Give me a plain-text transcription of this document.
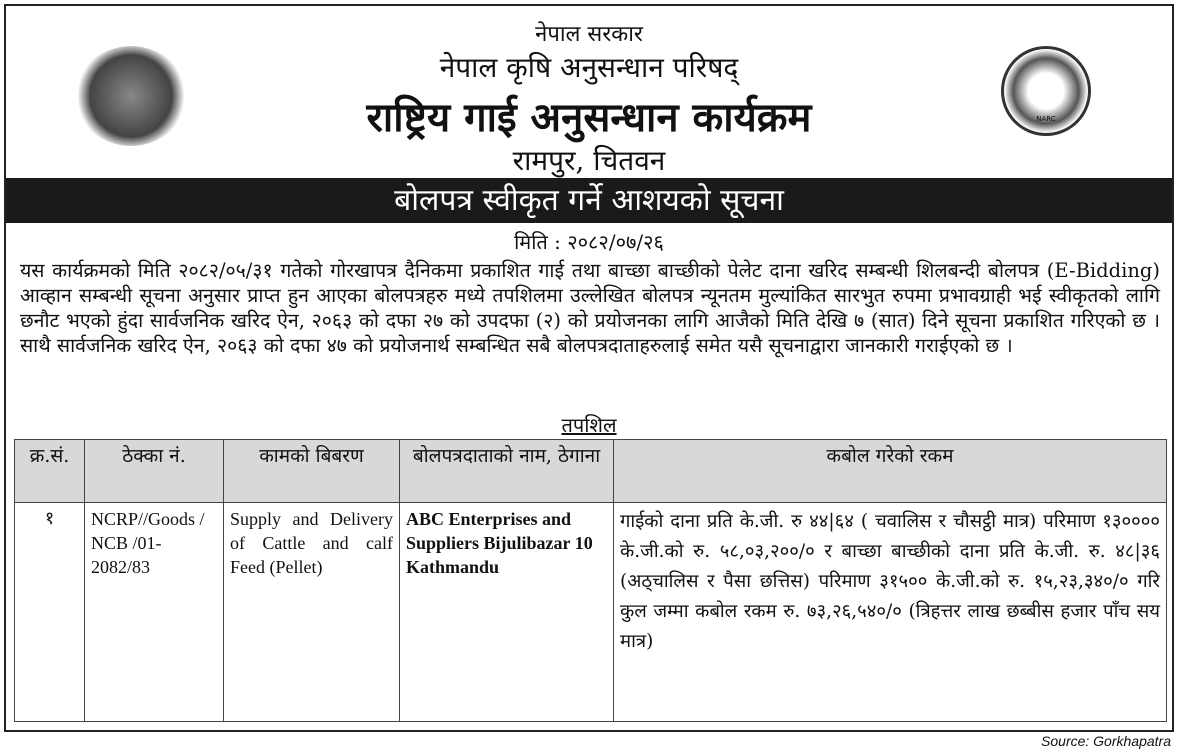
नेपाल सरकार
नेपाल कृषि अनुसन्धान परिषद्
राष्ट्रिय गाई अनुसन्धान कार्यक्रम
रामपुर, चितवन
NARC
बोलपत्र स्वीकृत गर्ने आशयको सूचना
मिति : २०८२/०७/२६
यस कार्यक्रमको मिति २०८२/०५/३१ गतेको गोरखापत्र दैनिकमा प्रकाशित गाई तथा बाच्छा बाच्छीको पेलेट दाना खरिद सम्बन्धी शिलबन्दी बोलपत्र (E-Bidding) आव्हान सम्बन्धी सूचना अनुसार प्राप्त हुन आएका बोलपत्रहरु मध्ये तपशिलमा उल्लेखित बोलपत्र न्यूनतम मुल्यांकित सारभुत रुपमा प्रभावग्राही भई स्वीकृतको लागि छनौट भएको हुंदा सार्वजनिक खरिद ऐन, २०६३ को दफा २७ को उपदफा (२) को प्रयोजनका लागि आजैको मिति देखि ७ (सात) दिने सूचना प्रकाशित गरिएको छ । साथै सार्वजनिक खरिद ऐन, २०६३ को दफा ४७ को प्रयोजनार्थ सम्बन्धित सबै बोलपत्रदाताहरुलाई समेत यसै सूचनाद्वारा जानकारी गराईएको छ ।
तपशिल
क्र.सं.	ठेक्का नं.	कामको बिबरण	बोलपत्रदाताको नाम, ठेगाना	कबोल गरेको रकम
१	NCRP//Goods / NCB /01-2082/83	Supply and Delivery of Cattle and calf Feed (Pellet)	ABC Enterprises and Suppliers Bijulibazar 10 Kathmandu	गाईको दाना प्रति के.जी. रु ४४|६४ ( चवालिस र चौसट्ठी मात्र) परिमाण १३०००० के.जी.को रु. ५८,०३,२००/० र बाच्छा बाच्छीको दाना प्रति के.जी. रु. ४८|३६ (अठ्चालिस र पैसा छत्तिस) परिमाण ३१५०० के.जी.को रु. १५,२३,३४०/० गरि कुल जम्मा कबोल रकम रु. ७३,२६,५४०/० (त्रिहत्तर लाख छब्बीस हजार पाँच सय मात्र)
Source: Gorkhapatra
